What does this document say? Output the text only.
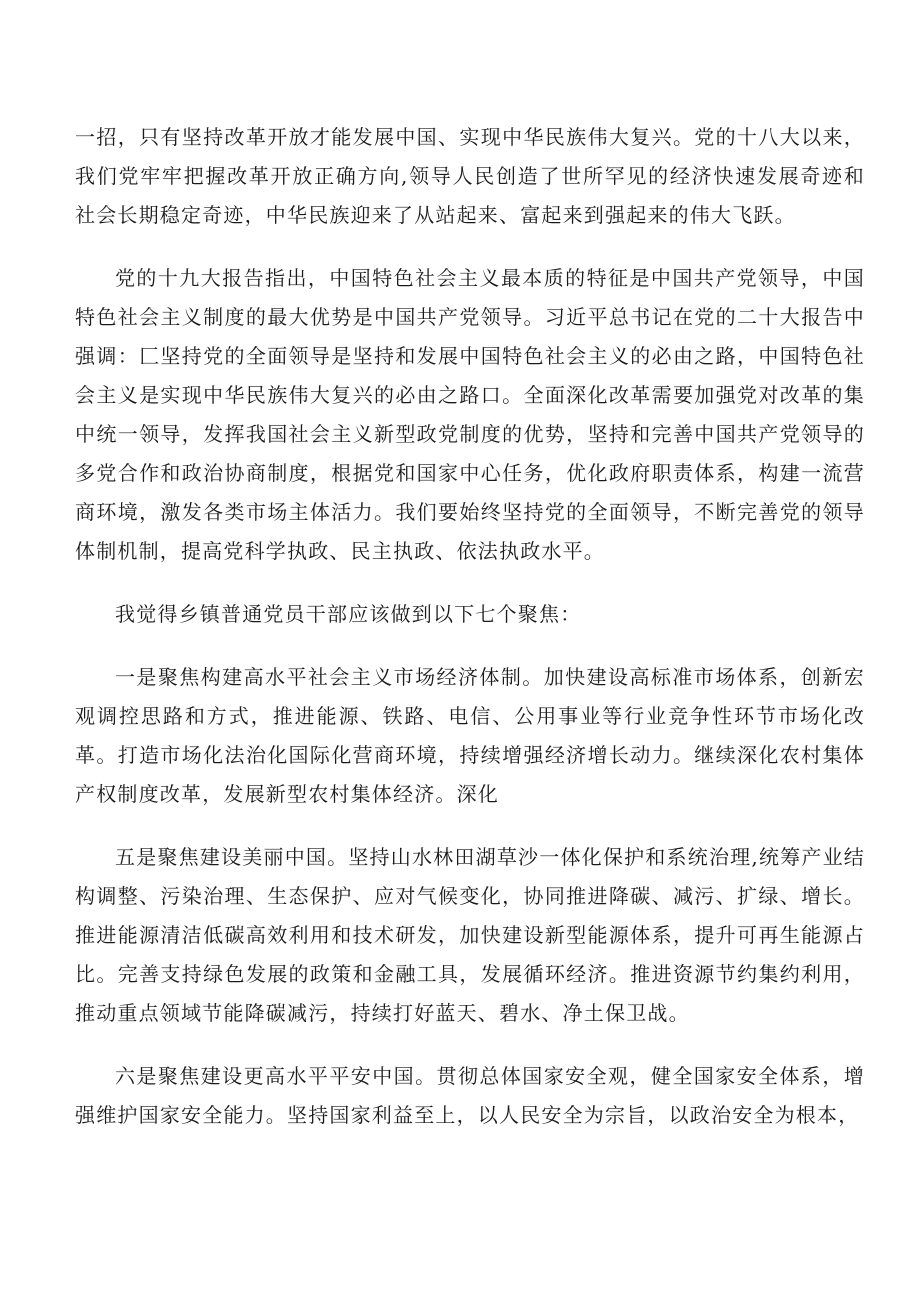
一招，只有坚持改革开放才能发展中国、实现中华民族伟大复兴。党的十八大以来，我们党牢牢把握改革开放正确方向,领导人民创造了世所罕见的经济快速发展奇迹和社会长期稳定奇迹，中华民族迎来了从站起来、富起来到强起来的伟大飞跃。

党的十九大报告指出，中国特色社会主义最本质的特征是中国共产党领导，中国特色社会主义制度的最大优势是中国共产党领导。习近平总书记在党的二十大报告中强调：匚坚持党的全面领导是坚持和发展中国特色社会主义的必由之路，中国特色社会主义是实现中华民族伟大复兴的必由之路口。全面深化改革需要加强党对改革的集中统一领导，发挥我国社会主义新型政党制度的优势，坚持和完善中国共产党领导的多党合作和政治协商制度，根据党和国家中心任务，优化政府职责体系，构建一流营商环境，激发各类市场主体活力。我们要始终坚持党的全面领导，不断完善党的领导体制机制，提高党科学执政、民主执政、依法执政水平。

我觉得乡镇普通党员干部应该做到以下七个聚焦：

一是聚焦构建高水平社会主义市场经济体制。加快建设高标准市场体系，创新宏观调控思路和方式，推进能源、铁路、电信、公用事业等行业竞争性环节市场化改革。打造市场化法治化国际化营商环境，持续增强经济增长动力。继续深化农村集体产权制度改革，发展新型农村集体经济。深化

五是聚焦建设美丽中国。坚持山水林田湖草沙一体化保护和系统治理,统筹产业结构调整、污染治理、生态保护、应对气候变化，协同推进降碳、减污、扩绿、增长。推进能源清洁低碳高效利用和技术研发，加快建设新型能源体系，提升可再生能源占比。完善支持绿色发展的政策和金融工具，发展循环经济。推进资源节约集约利用，推动重点领域节能降碳减污，持续打好蓝天、碧水、净土保卫战。

六是聚焦建设更高水平平安中国。贯彻总体国家安全观，健全国家安全体系，增强维护国家安全能力。坚持国家利益至上，以人民安全为宗旨，以政治安全为根本，
